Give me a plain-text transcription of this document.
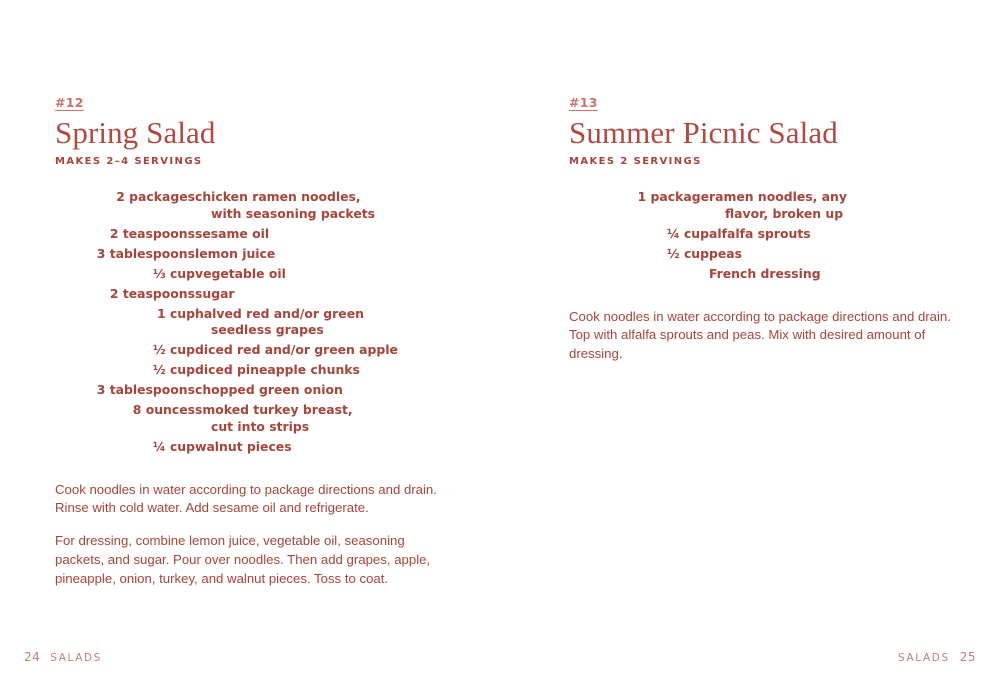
#12
Spring Salad
MAKES 2–4 SERVINGS
2 packages	chicken ramen noodles,
with seasoning packets

2 teaspoons	sesame oil
3 tablespoons	lemon juice
⅓ cup	vegetable oil
2 teaspoons	sugar
1 cup	halved red and/or green
seedless grapes

½ cup	diced red and/or green apple
½ cup	diced pineapple chunks
3 tablespoons	chopped green onion
8 ounces	smoked turkey breast,
cut into strips

¼ cup	walnut pieces

Cook noodles in water according to package directions and drain. Rinse with cold water. Add sesame oil and refrigerate.

For dressing, combine lemon juice, vegetable oil, seasoning packets, and sugar. Pour over noodles. Then add grapes, apple, pineapple, onion, turkey, and walnut pieces. Toss to coat.

24 SALADS
#13
Summer Picnic Salad
MAKES 2 SERVINGS
1 package	ramen noodles, any
flavor, broken up

¼ cup	alfalfa sprouts
½ cup	peas
	French dressing

Cook noodles in water according to package directions and drain. Top with alfalfa sprouts and peas. Mix with desired amount of dressing.

SALADS 25
